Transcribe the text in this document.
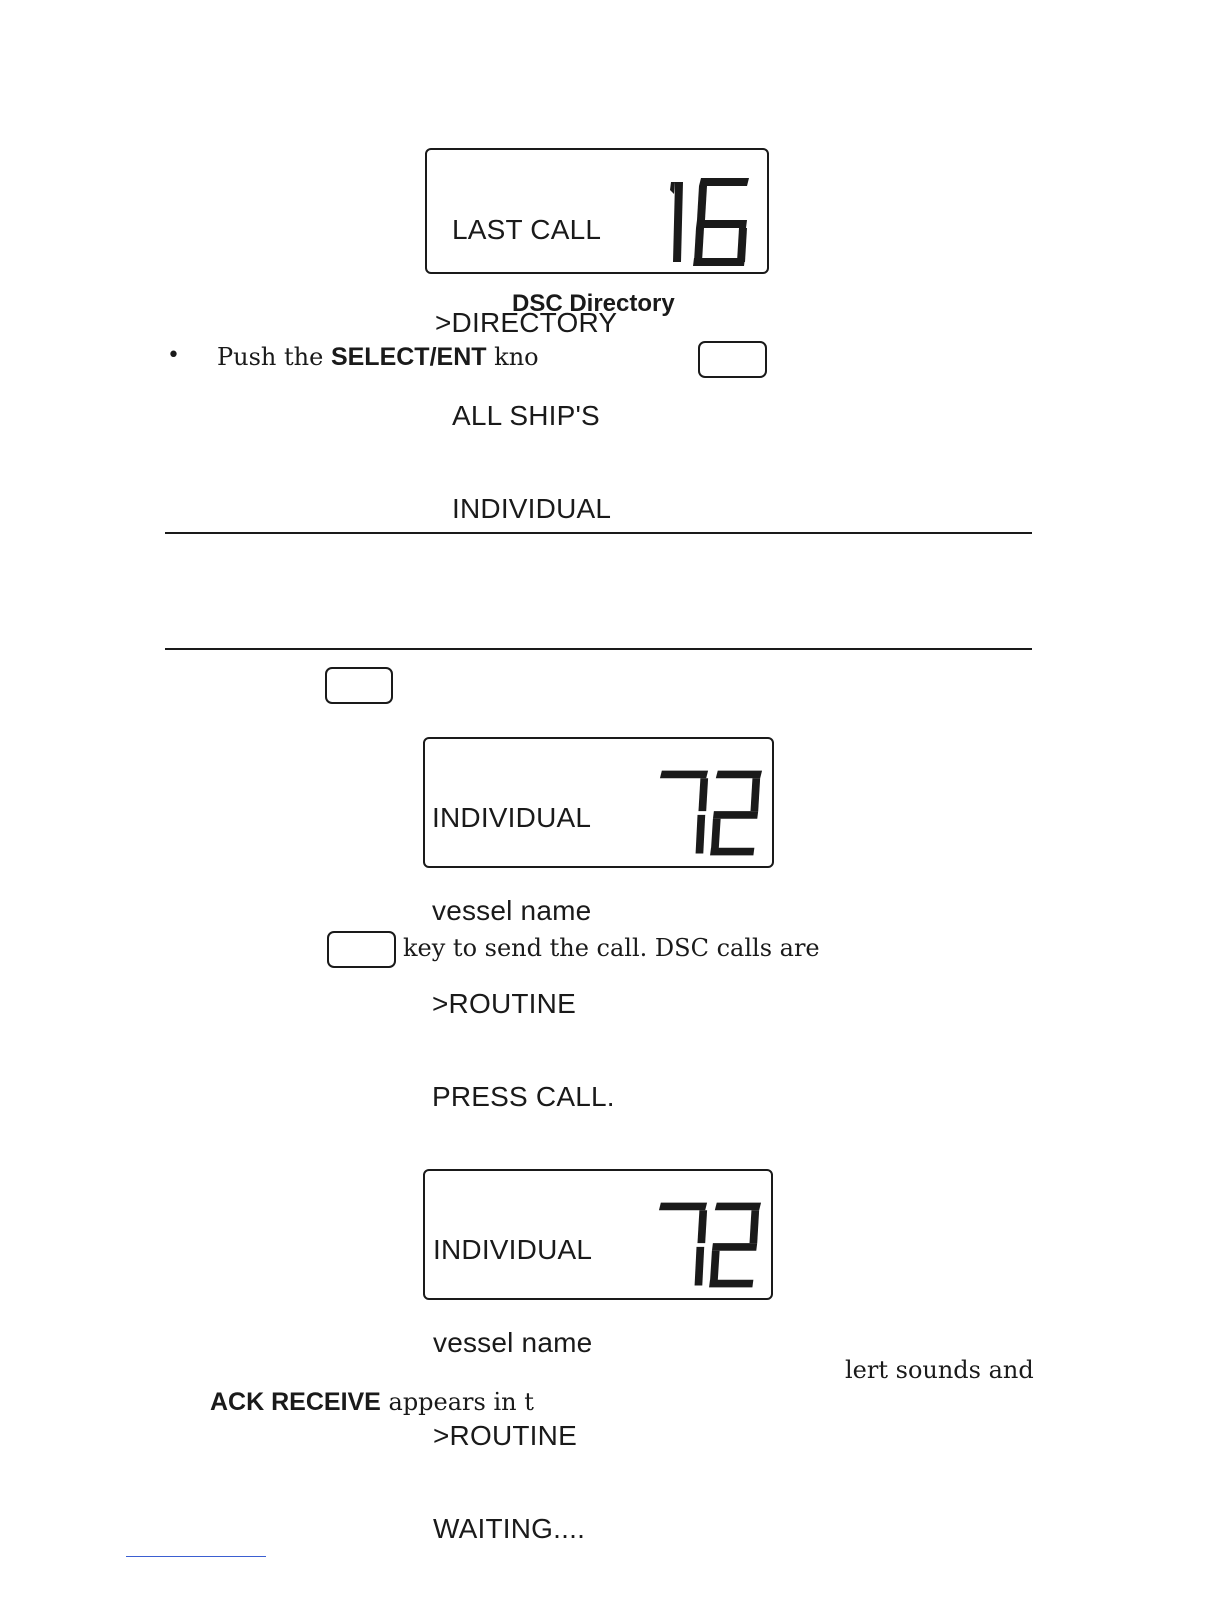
LAST CALL

>DIRECTORY

ALL SHIP'S

INDIVIDUAL

DSC Directory
• Push the SELECT/ENT kno

INDIVIDUAL

vessel name

>ROUTINE

PRESS CALL.

key to send the call. DSC calls are

INDIVIDUAL

vessel name

>ROUTINE

WAITING....

lert sounds and
ACK RECEIVE appears in t
